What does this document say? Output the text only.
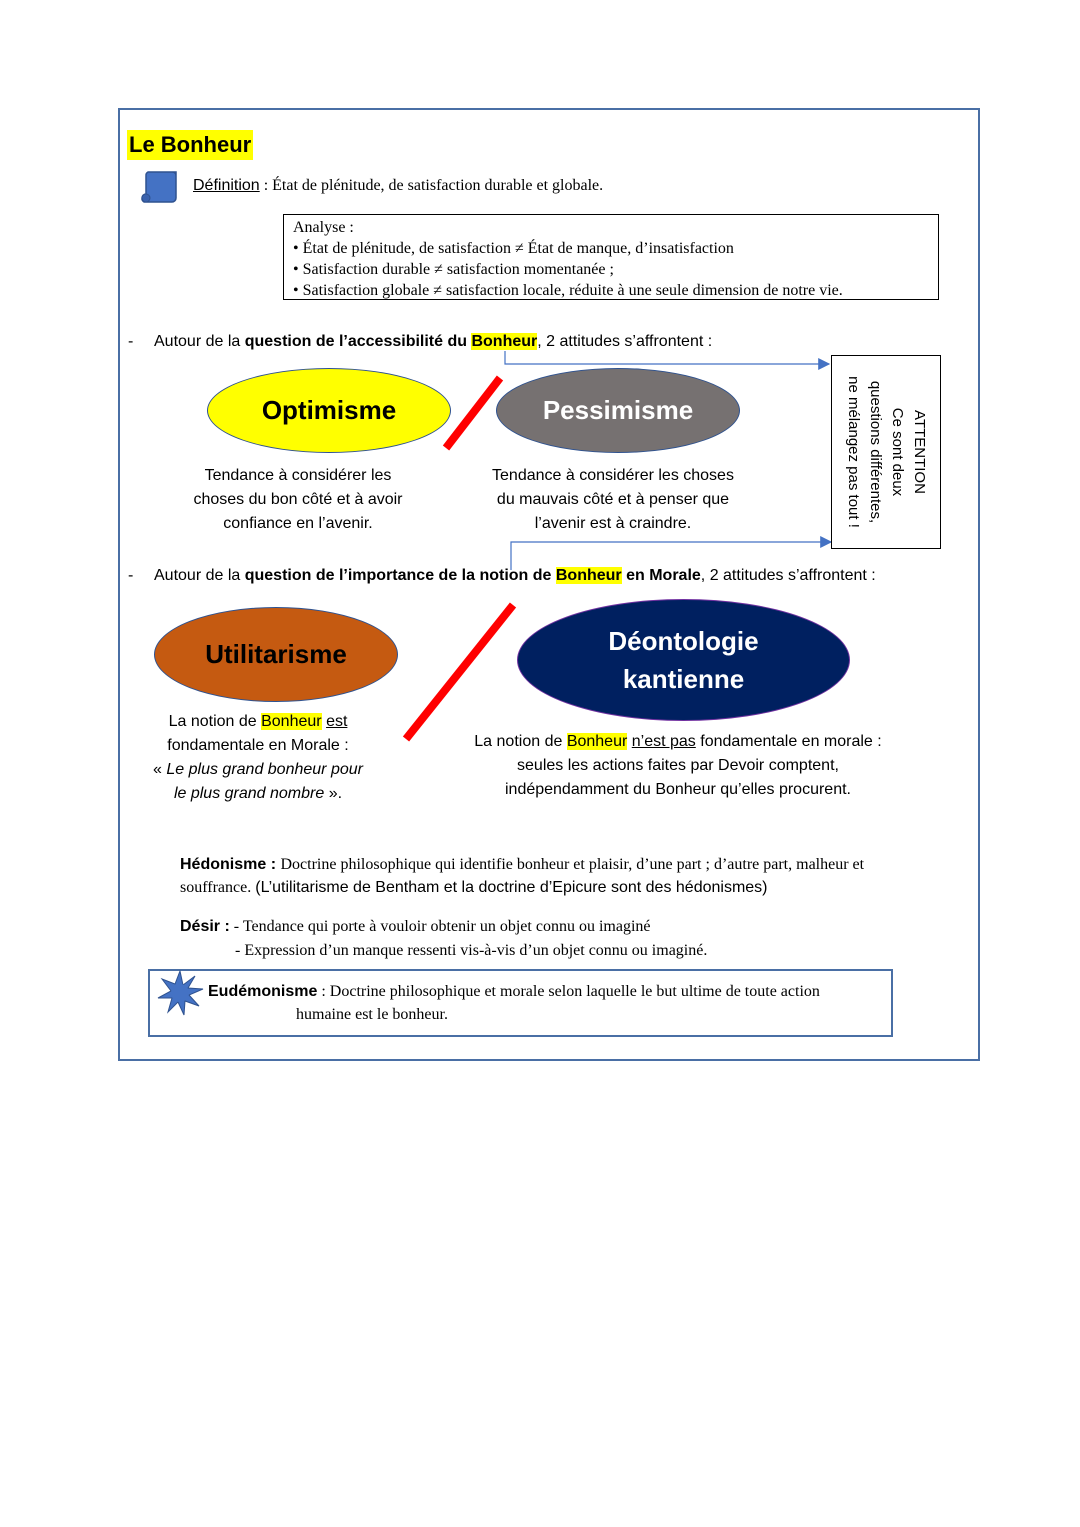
Le Bonheur
Définition : État de plénitude, de satisfaction durable et globale.
Analyse :
• État de plénitude, de satisfaction ≠ État de manque, d’insatisfaction
• Satisfaction durable ≠ satisfaction momentanée ;
• Satisfaction globale ≠ satisfaction locale, réduite à une seule dimension de notre vie.
- Autour de la question de l’accessibilité du Bonheur, 2 attitudes s’affrontent :
Optimisme	Pessimisme
Tendance à considérer les
choses du bon côté et à avoir
confiance en l’avenir.
Tendance à considérer les choses
du mauvais côté et à penser que
l’avenir est à craindre.
ATTENTION
Ce sont deux
questions différentes,
ne mélangez pas tout !
- Autour de la question de l’importance de la notion de Bonheur en Morale, 2 attitudes s’affrontent :
Utilitarisme	Déontologie
kantienne
La notion de Bonheur est
fondamentale en Morale :
« Le plus grand bonheur pour
le plus grand nombre ».
La notion de Bonheur n’est pas fondamentale en morale :
seules les actions faites par Devoir comptent,
indépendamment du Bonheur qu’elles procurent.
Hédonisme : Doctrine philosophique qui identifie bonheur et plaisir, d’une part ; d’autre part, malheur et
souffrance. (L’utilitarisme de Bentham et la doctrine d’Epicure sont des hédonismes)
Désir : - Tendance qui porte à vouloir obtenir un objet connu ou imaginé
- Expression d’un manque ressenti vis-à-vis d’un objet connu ou imaginé.
Eudémonisme : Doctrine philosophique et morale selon laquelle le but ultime de toute action
humaine est le bonheur.
